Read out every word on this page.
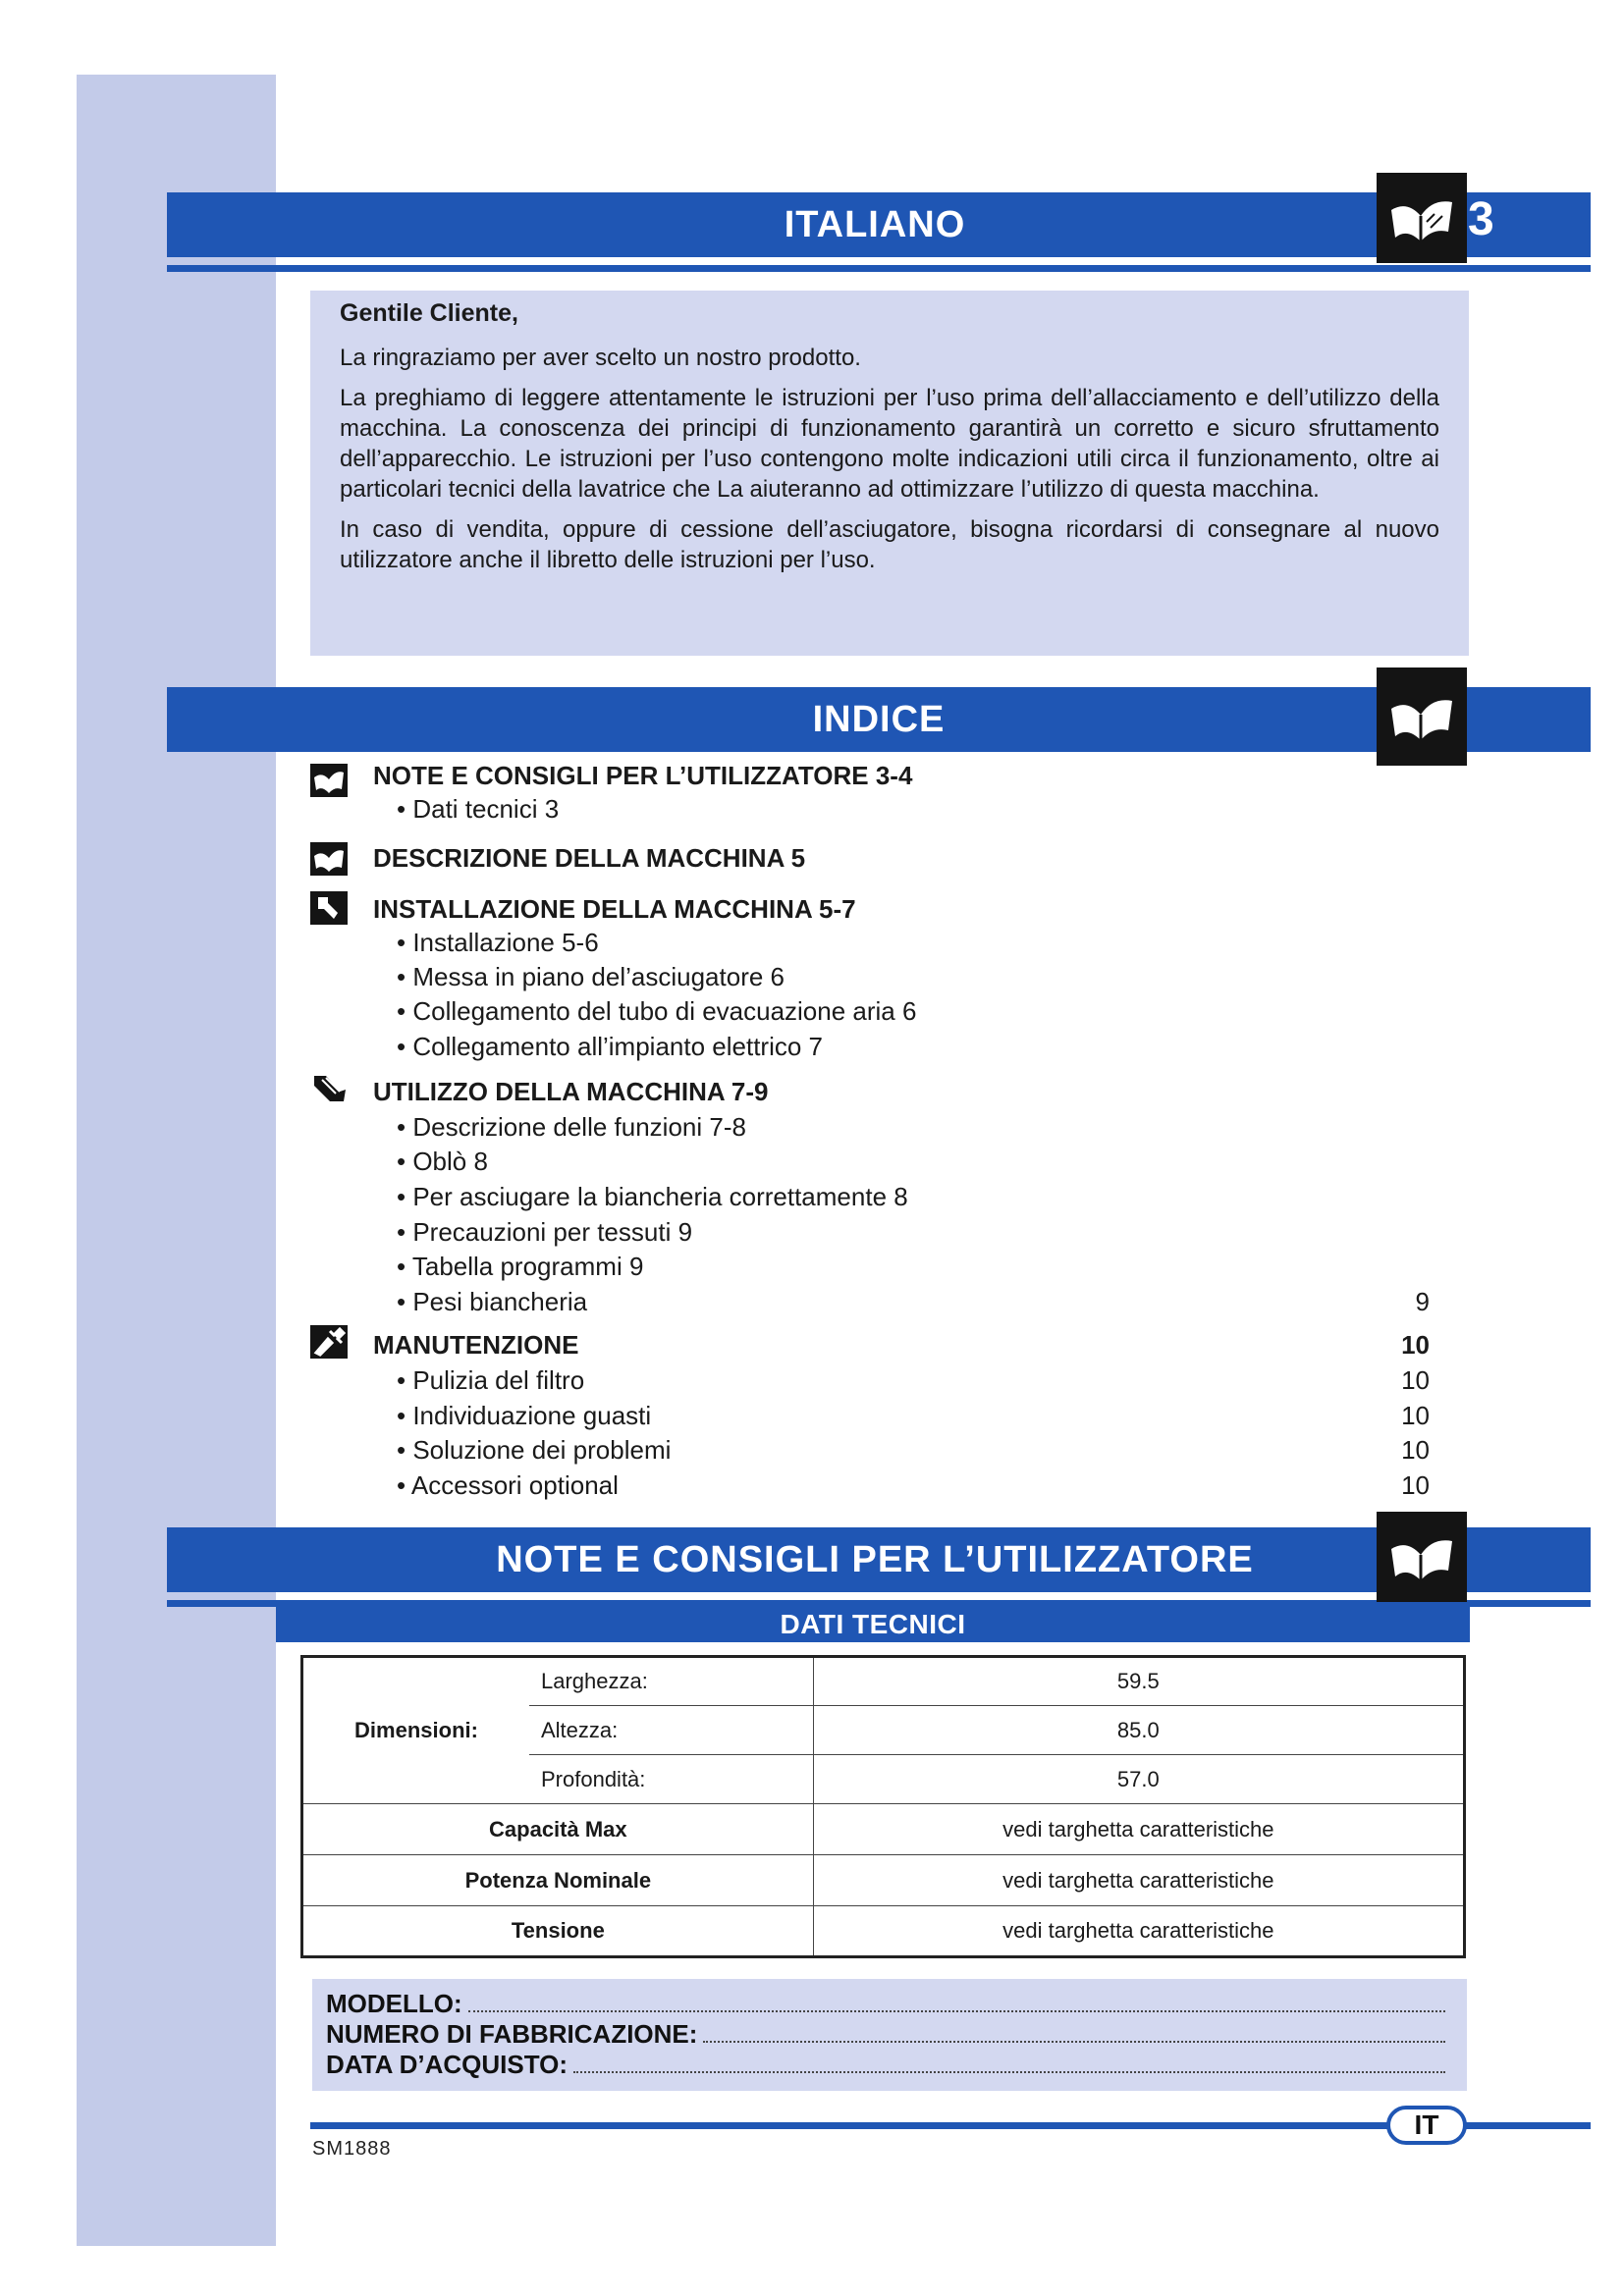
ITALIANO	3

Gentile Cliente,

La ringraziamo per aver scelto un nostro prodotto.

La preghiamo di leggere attentamente le istruzioni per l’uso prima dell’allacciamento e dell’utilizzo della macchina. La conoscenza dei principi di funzionamento garantirà un corretto e sicuro sfruttamento dell’apparecchio. Le istruzioni per l’uso contengono molte indicazioni utili circa il funzionamento, oltre ai particolari tecnici della lavatrice che La aiuteranno ad ottimizzare l’utilizzo di questa macchina.

In caso di vendita, oppure di cessione dell’asciugatore, bisogna ricordarsi di consegnare al nuovo utilizzatore anche il libretto delle istruzioni per l’uso.

INDICE
NOTE E CONSIGLI PER L’UTILIZZATORE 3-4
• Dati tecnici 3
DESCRIZIONE DELLA MACCHINA 5
INSTALLAZIONE DELLA MACCHINA 5-7
• Installazione 5-6
• Messa in piano del’asciugatore 6
• Collegamento del tubo di evacuazione aria 6
• Collegamento all’impianto elettrico 7
UTILIZZO DELLA MACCHINA 7-9
• Descrizione delle funzioni 7-8
• Oblò 8
• Per asciugare la biancheria correttamente 8
• Precauzioni per tessuti 9
• Tabella programmi 9
• Pesi biancheria	9
MANUTENZIONE	10
• Pulizia del filtro	10
• Individuazione guasti	10
• Soluzione dei problemi	10
• Accessori optional	10
NOTE E CONSIGLI PER L’UTILIZZATORE
DATI TECNICI
Dimensioni:	Larghezza:	59.5
	Altezza:	85.0
	Profondità:	57.0
Capacità Max		vedi targhetta caratteristiche
Potenza Nominale		vedi targhetta caratteristiche
Tensione		vedi targhetta caratteristiche
MODELLO:
NUMERO DI FABBRICAZIONE:
DATA D’ACQUISTO:
IT
SM1888
